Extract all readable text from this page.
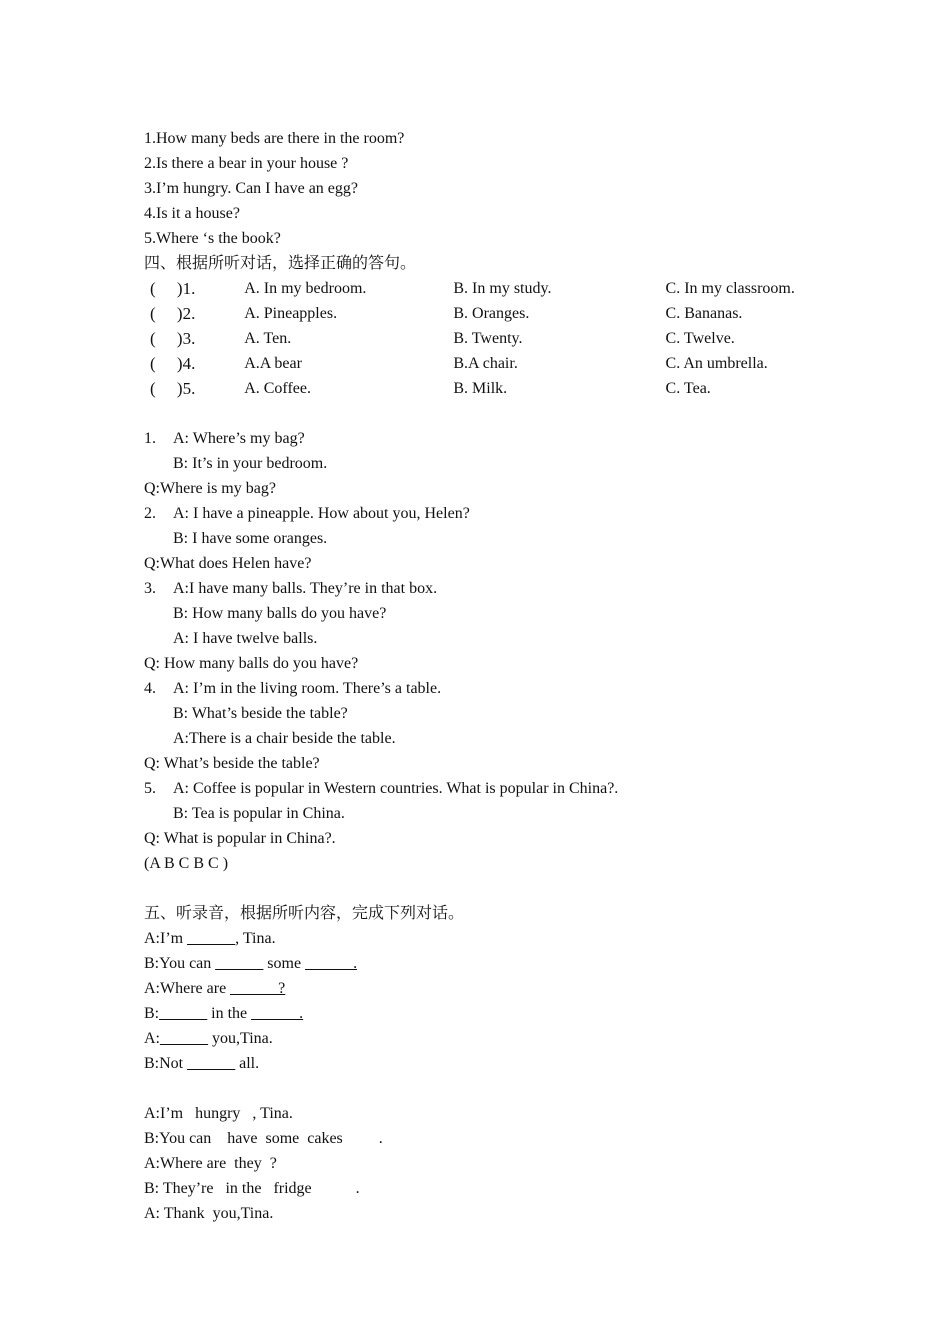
1.How many beds are there in the room?
2.Is there a bear in your house ?
3.I’m hungry. Can I have an egg?
4.Is it a house?
5.Where ‘s the book?
四、根据所听对话，选择正确的答句。
(     )1.	A. In my bedroom.	B. In my study.	C. In my classroom.
(     )2.	A. Pineapples.	B. Oranges.	C. Bananas.
(     )3.	A. Ten.	B. Twenty.	C. Twelve.
(     )4.	A.A bear	B.A chair.	C. An umbrella.
(     )5.	A. Coffee.	B. Milk.	C. Tea.
1. A: Where’s my bag?
B: It’s in your bedroom.
Q:Where is my bag?
2. A: I have a pineapple. How about you, Helen?
B: I have some oranges.
Q:What does Helen have?
3. A:I have many balls. They’re in that box.
B: How many balls do you have?
A: I have twelve balls.
Q: How many balls do you have?
4. A: I’m in the living room. There’s a table.
B: What’s beside the table?
A:There is a chair beside the table.
Q: What’s beside the table?
5. A: Coffee is popular in Western countries. What is popular in China?.
B: Tea is popular in China.
Q: What is popular in China?.
(A B C B C )
五、听录音，根据所听内容，完成下列对话。
A:I’m ______, Tina.
B:You can ______ some ______.
A:Where are ______?
B:______ in the ______.
A:______ you,Tina.
B:Not ______ all.
A:I’m   hungry   , Tina.
B:You can    have  some  cakes         .
A:Where are  they  ?
B: They’re   in the   fridge           .
A: Thank  you,Tina.
